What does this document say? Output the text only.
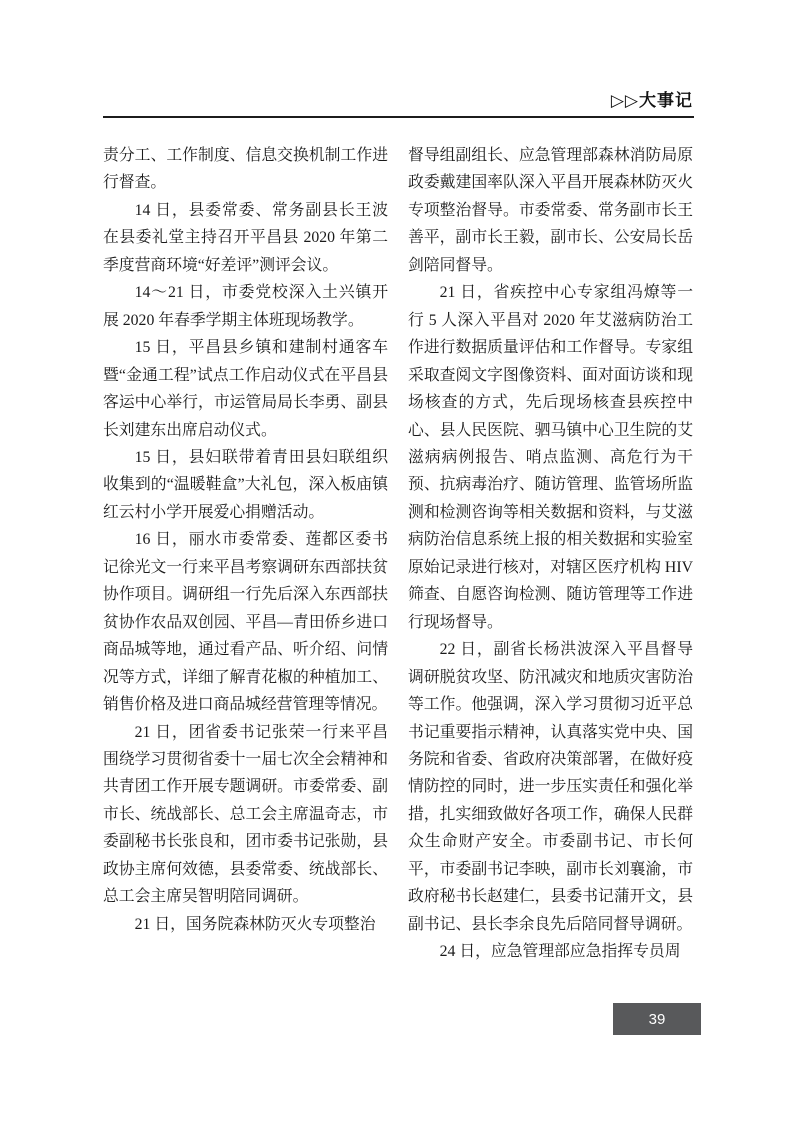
▷▷大事记

责分工、工作制度、信息交换机制工作进行督查。

14 日，县委常委、常务副县长王波在县委礼堂主持召开平昌县 2020 年第二季度营商环境“好差评”测评会议。

14～21 日，市委党校深入土兴镇开展 2020 年春季学期主体班现场教学。

15 日，平昌县乡镇和建制村通客车暨“金通工程”试点工作启动仪式在平昌县客运中心举行，市运管局局长李勇、副县长刘建东出席启动仪式。

15 日，县妇联带着青田县妇联组织收集到的“温暖鞋盒”大礼包，深入板庙镇红云村小学开展爱心捐赠活动。

16 日，丽水市委常委、莲都区委书记徐光文一行来平昌考察调研东西部扶贫协作项目。调研组一行先后深入东西部扶贫协作农品双创园、平昌—青田侨乡进口商品城等地，通过看产品、听介绍、问情况等方式，详细了解青花椒的种植加工、销售价格及进口商品城经营管理等情况。

21 日，团省委书记张荣一行来平昌围绕学习贯彻省委十一届七次全会精神和共青团工作开展专题调研。市委常委、副市长、统战部长、总工会主席温奇志，市委副秘书长张良和，团市委书记张勋，县政协主席何效德，县委常委、统战部长、总工会主席吴智明陪同调研。

21 日，国务院森林防灭火专项整治

督导组副组长、应急管理部森林消防局原政委戴建国率队深入平昌开展森林防灭火专项整治督导。市委常委、常务副市长王善平，副市长王毅，副市长、公安局长岳剑陪同督导。

21 日，省疾控中心专家组冯燎等一行 5 人深入平昌对 2020 年艾滋病防治工作进行数据质量评估和工作督导。专家组采取查阅文字图像资料、面对面访谈和现场核查的方式，先后现场核查县疾控中心、县人民医院、驷马镇中心卫生院的艾滋病病例报告、哨点监测、高危行为干预、抗病毒治疗、随访管理、监管场所监测和检测咨询等相关数据和资料，与艾滋病防治信息系统上报的相关数据和实验室原始记录进行核对，对辖区医疗机构 HIV 筛查、自愿咨询检测、随访管理等工作进行现场督导。

22 日，副省长杨洪波深入平昌督导调研脱贫攻坚、防汛减灾和地质灾害防治等工作。他强调，深入学习贯彻习近平总书记重要指示精神，认真落实党中央、国务院和省委、省政府决策部署，在做好疫情防控的同时，进一步压实责任和强化举措，扎实细致做好各项工作，确保人民群众生命财产安全。市委副书记、市长何平，市委副书记李映，副市长刘襄渝，市政府秘书长赵建仁，县委书记蒲开文，县副书记、县长李余良先后陪同督导调研。

24 日，应急管理部应急指挥专员周

39
